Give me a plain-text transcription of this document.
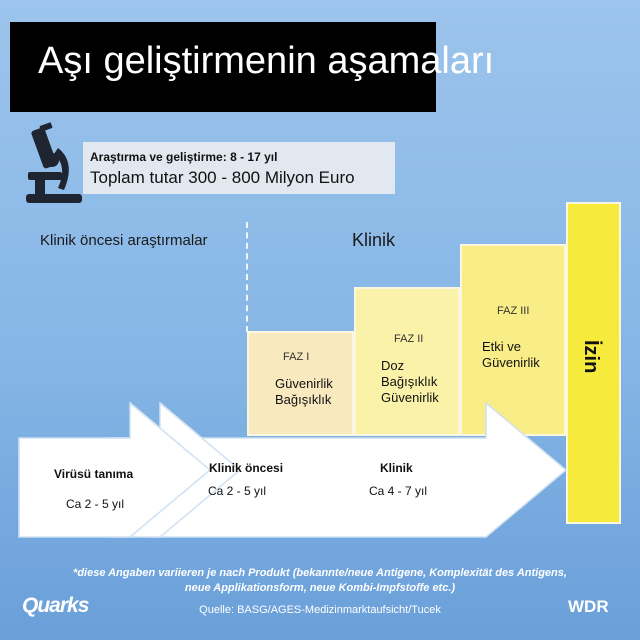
Aşı geliştirmenin aşamaları
Araştırma ve geliştirme: 8 - 17 yıl
Toplam tutar 300 - 800 Milyon Euro
Klinik öncesi araştırmalar	Klinik
FAZ I
Güvenirlik
Bağışıklık
FAZ II
Doz
Bağışıklık
Güvenirlik
FAZ III
Etki ve
Güvenirlik İzin
Virüsü tanıma
Ca 2 - 5 yıl
Klinik öncesi
Ca 2 - 5 yıl
Klinik
Ca 4 - 7 yıl
*diese Angaben variieren je nach Produkt (bekannte/neue Antigene, Komplexität des Antigens,
neue Applikationsform, neue Kombi-Impfstoffe etc.)
Quarks	Quelle: BASG/AGES-Medizinmarktaufsicht/Tucek	WDR
